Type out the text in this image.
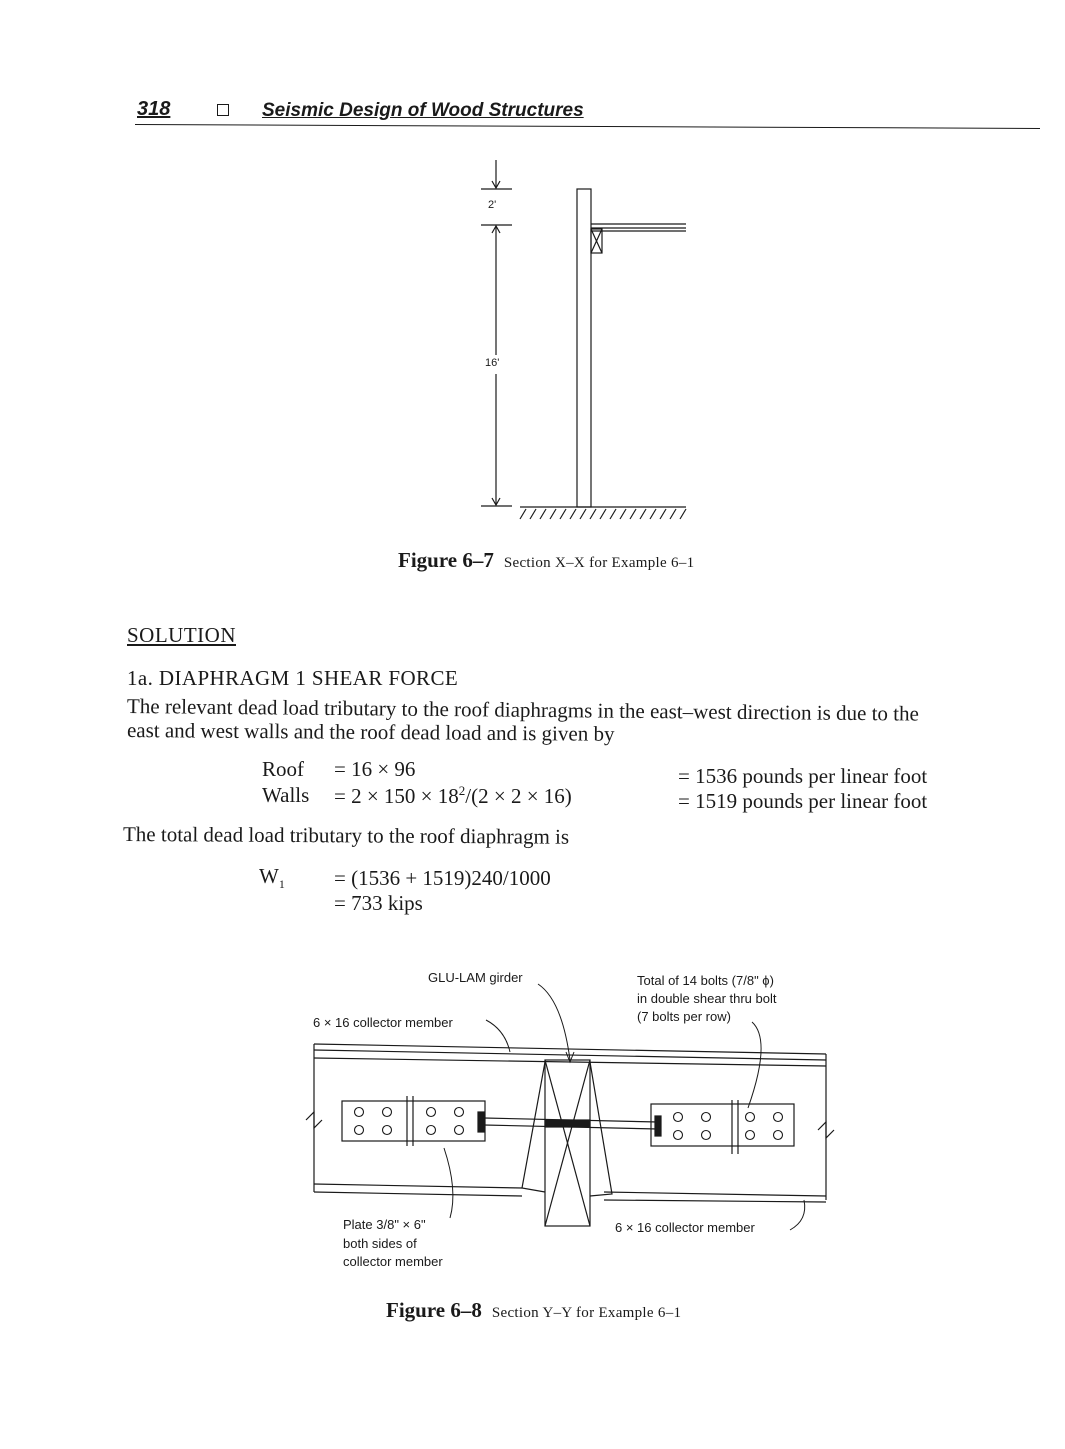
318	Seismic Design of Wood Structures
2'
16'
Figure 6–7 Section X–X for Example 6–1
SOLUTION
1a. DIAPHRAGM 1 SHEAR FORCE
The relevant dead load tributary to the roof diaphragms in the east–west direction is due to the
east and west walls and the roof dead load and is given by
Roof = 16 × 96	= 1536 pounds per linear foot
Walls = $2 \times 150 \times 18^2/(2 \times 2 \times 16)$	= 1519 pounds per linear foot
The total dead load tributary to the roof diaphragm is
$W_1 = (1536 + 1519)240/1000$
= 733 kips
GLU-LAM girder
6 × 16 collector member
Total of 14 bolts (7/8" ϕ)
in double shear thru bolt
(7 bolts per row)
Plate 3/8" × 6"
both sides of
collector member
6 × 16 collector member
Figure 6–8 Section Y–Y for Example 6–1
